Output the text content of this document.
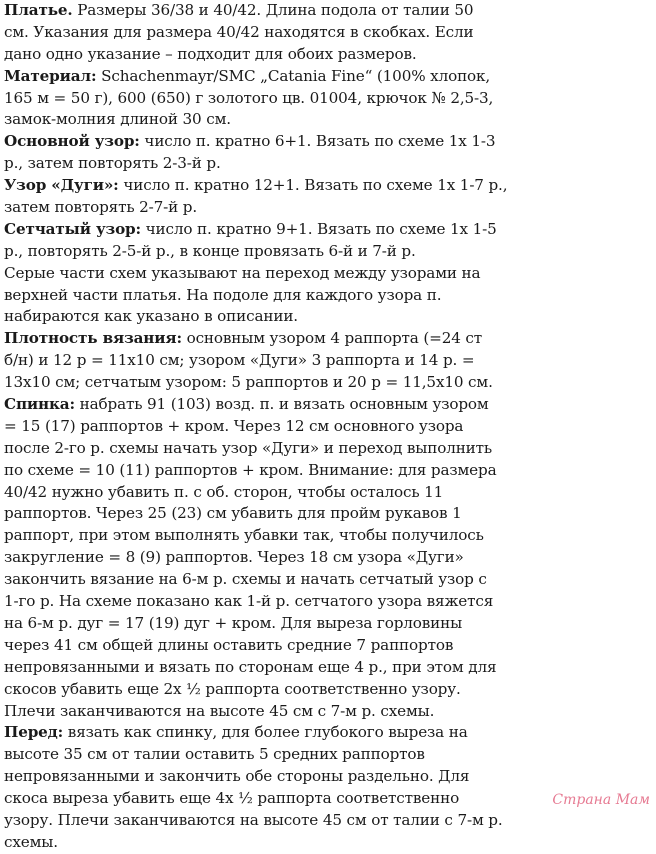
Платье. Размеры 36/38 и 40/42. Длина подола от талии 50
см. Указания для размера 40/42 находятся в скобках. Если
дано одно указание – подходит для обоих размеров.
Материал: Schachenmayr/SMC „Catania Fine“ (100% хлопок,
165 м = 50 г), 600 (650) г золотого цв. 01004, крючок № 2,5-3,
замок-молния длиной 30 см.
Основной узор: число п. кратно 6+1. Вязать по схеме 1х 1-3
р., затем повторять 2-3-й р.
Узор «Дуги»: число п. кратно 12+1. Вязать по схеме 1х 1-7 р.,
затем повторять 2-7-й р.
Сетчатый узор: число п. кратно 9+1. Вязать по схеме 1х 1-5
р., повторять 2-5-й р., в конце провязать 6-й и 7-й р.
Серые части схем указывают на переход между узорами на
верхней части платья. На подоле для каждого узора п.
набираются как указано в описании.
Плотность вязания: основным узором 4 раппорта (=24 ст
б/н) и 12 р = 11х10 см; узором «Дуги» 3 раппорта и 14 р. =
13х10 см; сетчатым узором: 5 раппортов и 20 р = 11,5х10 см.
Спинка: набрать 91 (103) возд. п. и вязать основным узором
= 15 (17) раппортов + кром. Через 12 см основного узора
после 2-го р. схемы начать узор «Дуги» и переход выполнить
по схеме = 10 (11) раппортов + кром. Внимание: для размера
40/42 нужно убавить п. с об. сторон, чтобы осталось 11
раппортов. Через 25 (23) см убавить для пройм рукавов 1
раппорт, при этом выполнять убавки так, чтобы получилось
закругление = 8 (9) раппортов. Через 18 см узора «Дуги»
закончить вязание на 6-м р. схемы и начать сетчатый узор с
1-го р. На схеме показано как 1-й р. сетчатого узора вяжется
на 6-м р. дуг = 17 (19) дуг + кром. Для выреза горловины
через 41 см общей длины оставить средние 7 раппортов
непровязанными и вязать по сторонам еще 4 р., при этом для
скосов убавить еще 2х ½ раппорта соответственно узору.
Плечи заканчиваются на высоте 45 см с 7-м р. схемы.
Перед: вязать как спинку, для более глубокого выреза на
высоте 35 см от талии оставить 5 средних раппортов
непровязанными и закончить обе стороны раздельно. Для
скоса выреза убавить еще 4х ½ раппорта соответственно
узору. Плечи заканчиваются на высоте 45 см от талии с 7-м р.
схемы.
Страна Мам
